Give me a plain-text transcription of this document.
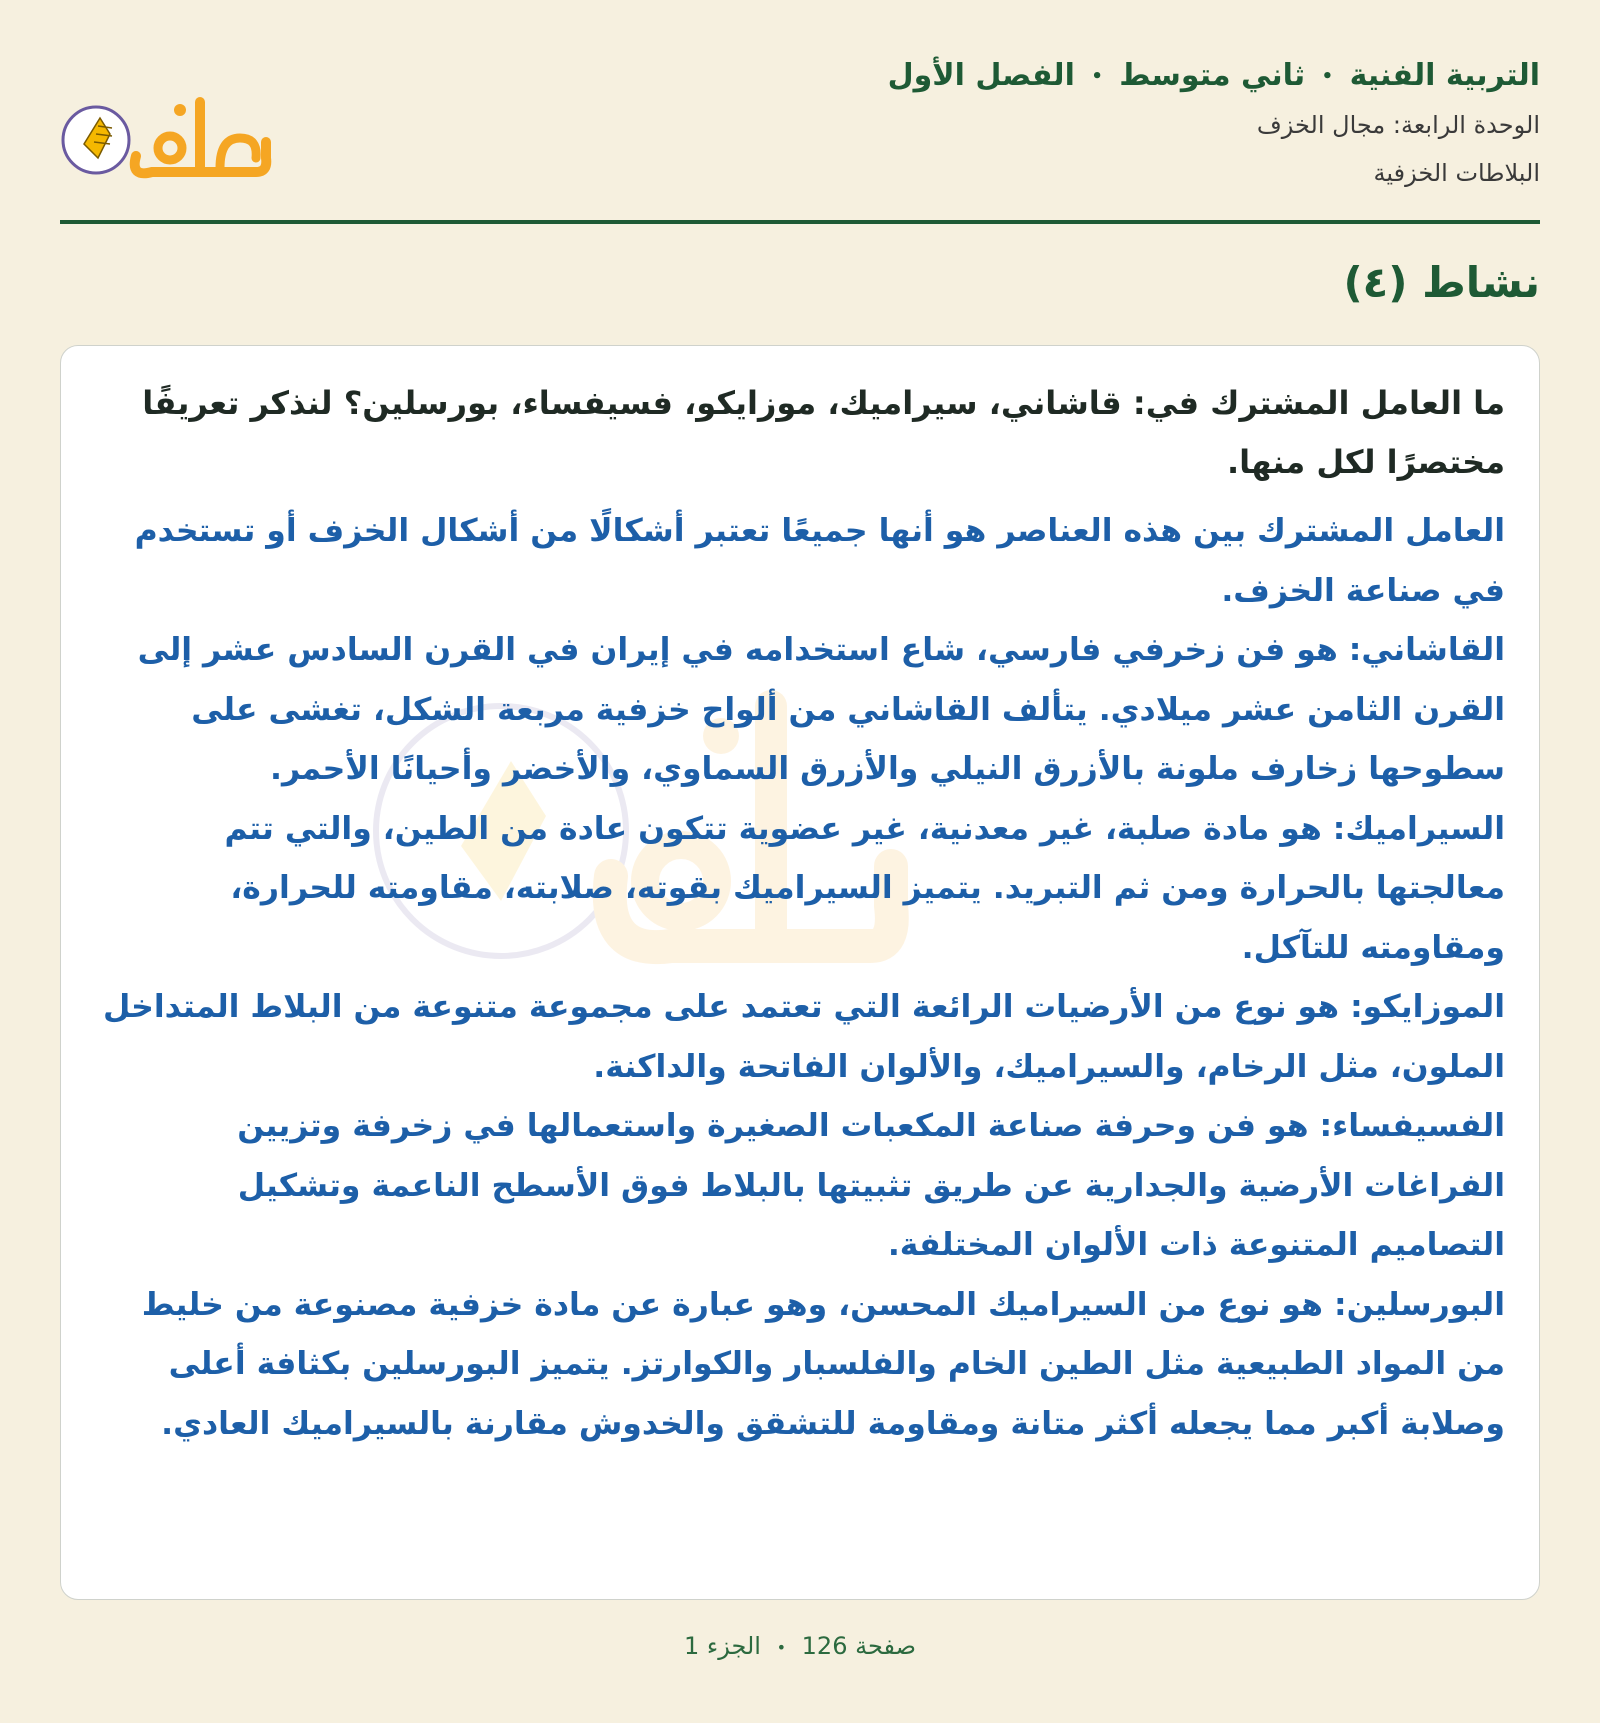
التربية الفنية • ثاني متوسط • الفصل الأول
الوحدة الرابعة: مجال الخزف
البلاطات الخزفية
نشاط (٤)

ما العامل المشترك في: قاشاني، سيراميك، موزايكو، فسيفساء، بورسلين؟ لنذكر تعريفًا مختصرًا لكل منها.

العامل المشترك بين هذه العناصر هو أنها جميعًا تعتبر أشكالًا من أشكال الخزف أو تستخدم في صناعة الخزف.

القاشاني: هو فن زخرفي فارسي، شاع استخدامه في إيران في القرن السادس عشر إلى القرن الثامن عشر ميلادي. يتألف القاشاني من ألواح خزفية مربعة الشكل، تغشى على سطوحها زخارف ملونة بالأزرق النيلي والأزرق السماوي، والأخضر وأحيانًا الأحمر.

السيراميك: هو مادة صلبة، غير معدنية، غير عضوية تتكون عادة من الطين، والتي تتم معالجتها بالحرارة ومن ثم التبريد. يتميز السيراميك بقوته، صلابته، مقاومته للحرارة، ومقاومته للتآكل.

الموزايكو: هو نوع من الأرضيات الرائعة التي تعتمد على مجموعة متنوعة من البلاط المتداخل الملون، مثل الرخام، والسيراميك، والألوان الفاتحة والداكنة.

الفسيفساء: هو فن وحرفة صناعة المكعبات الصغيرة واستعمالها في زخرفة وتزيين الفراغات الأرضية والجدارية عن طريق تثبيتها بالبلاط فوق الأسطح الناعمة وتشكيل التصاميم المتنوعة ذات الألوان المختلفة.

البورسلين: هو نوع من السيراميك المحسن، وهو عبارة عن مادة خزفية مصنوعة من خليط من المواد الطبيعية مثل الطين الخام والفلسبار والكوارتز. يتميز البورسلين بكثافة أعلى وصلابة أكبر مما يجعله أكثر متانة ومقاومة للتشقق والخدوش مقارنة بالسيراميك العادي.

صفحة 126 • الجزء 1
